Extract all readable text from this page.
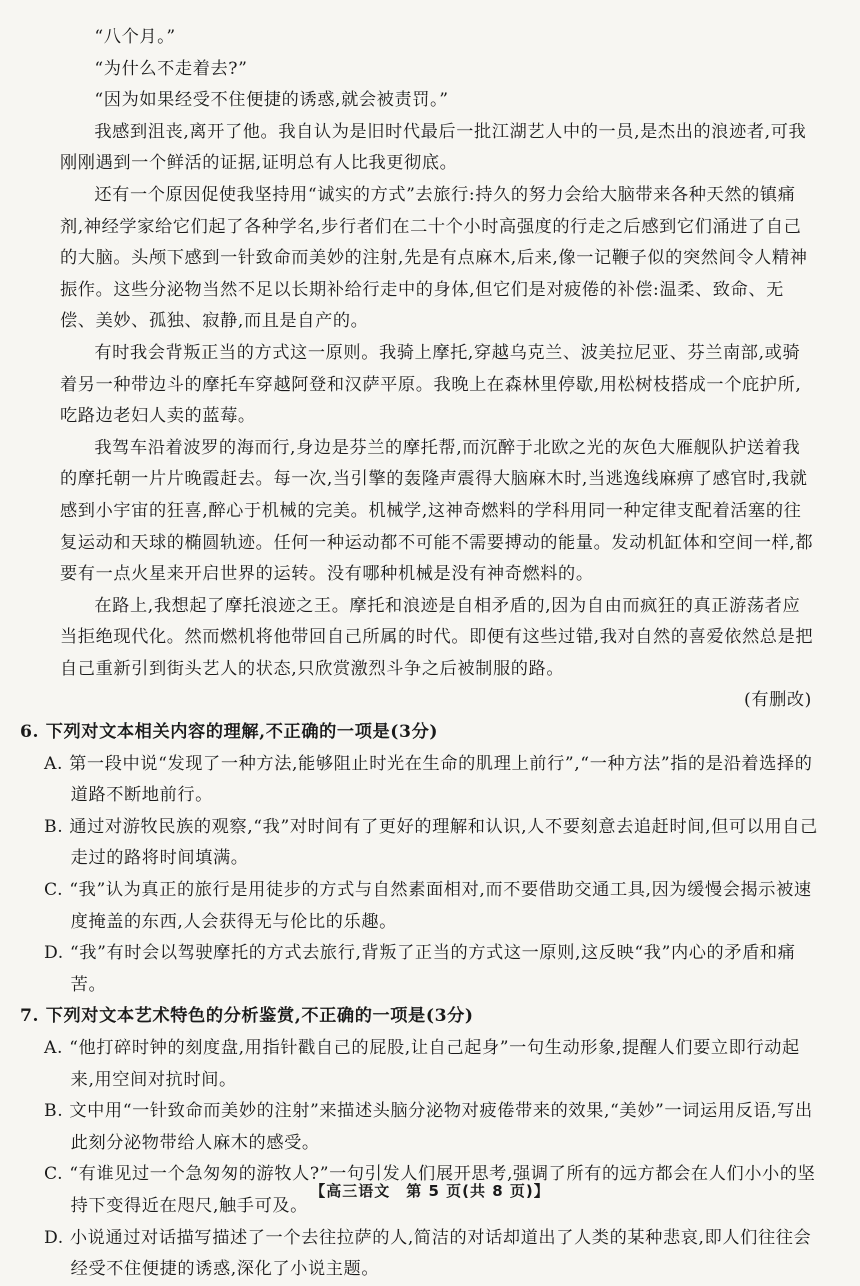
“八个月。”

“为什么不走着去?”

“因为如果经受不住便捷的诱惑,就会被责罚。”

我感到沮丧,离开了他。我自认为是旧时代最后一批江湖艺人中的一员,是杰出的浪迹者,可我刚刚遇到一个鲜活的证据,证明总有人比我更彻底。

还有一个原因促使我坚持用“诚实的方式”去旅行:持久的努力会给大脑带来各种天然的镇痛剂,神经学家给它们起了各种学名,步行者们在二十个小时高强度的行走之后感到它们涌进了自己的大脑。头颅下感到一针致命而美妙的注射,先是有点麻木,后来,像一记鞭子似的突然间令人精神振作。这些分泌物当然不足以长期补给行走中的身体,但它们是对疲倦的补偿:温柔、致命、无偿、美妙、孤独、寂静,而且是自产的。

有时我会背叛正当的方式这一原则。我骑上摩托,穿越乌克兰、波美拉尼亚、芬兰南部,或骑着另一种带边斗的摩托车穿越阿登和汉萨平原。我晚上在森林里停歇,用松树枝搭成一个庇护所,吃路边老妇人卖的蓝莓。

我驾车沿着波罗的海而行,身边是芬兰的摩托帮,而沉醉于北欧之光的灰色大雁舰队护送着我的摩托朝一片片晚霞赶去。每一次,当引擎的轰隆声震得大脑麻木时,当逃逸线麻痹了感官时,我就感到小宇宙的狂喜,醉心于机械的完美。机械学,这神奇燃料的学科用同一种定律支配着活塞的往复运动和天球的椭圆轨迹。任何一种运动都不可能不需要搏动的能量。发动机缸体和空间一样,都要有一点火星来开启世界的运转。没有哪种机械是没有神奇燃料的。

在路上,我想起了摩托浪迹之王。摩托和浪迹是自相矛盾的,因为自由而疯狂的真正游荡者应当拒绝现代化。然而燃机将他带回自己所属的时代。即便有这些过错,我对自然的喜爱依然总是把自己重新引到街头艺人的状态,只欣赏激烈斗争之后被制服的路。

(有删改)

6. 下列对文本相关内容的理解,不正确的一项是(3分)

A. 第一段中说“发现了一种方法,能够阻止时光在生命的肌理上前行”,“一种方法”指的是沿着选择的道路不断地前行。

B. 通过对游牧民族的观察,“我”对时间有了更好的理解和认识,人不要刻意去追赶时间,但可以用自己走过的路将时间填满。

C. “我”认为真正的旅行是用徒步的方式与自然素面相对,而不要借助交通工具,因为缓慢会揭示被速度掩盖的东西,人会获得无与伦比的乐趣。

D. “我”有时会以驾驶摩托的方式去旅行,背叛了正当的方式这一原则,这反映“我”内心的矛盾和痛苦。

7. 下列对文本艺术特色的分析鉴赏,不正确的一项是(3分)

A. “他打碎时钟的刻度盘,用指针戳自己的屁股,让自己起身”一句生动形象,提醒人们要立即行动起来,用空间对抗时间。

B. 文中用“一针致命而美妙的注射”来描述头脑分泌物对疲倦带来的效果,“美妙”一词运用反语,写出此刻分泌物带给人麻木的感受。

C. “有谁见过一个急匆匆的游牧人?”一句引发人们展开思考,强调了所有的远方都会在人们小小的坚持下变得近在咫尺,触手可及。

D. 小说通过对话描写描述了一个去往拉萨的人,简洁的对话却道出了人类的某种悲哀,即人们往往会经受不住便捷的诱惑,深化了小说主题。

【高三语文　第 5 页(共 8 页)】
